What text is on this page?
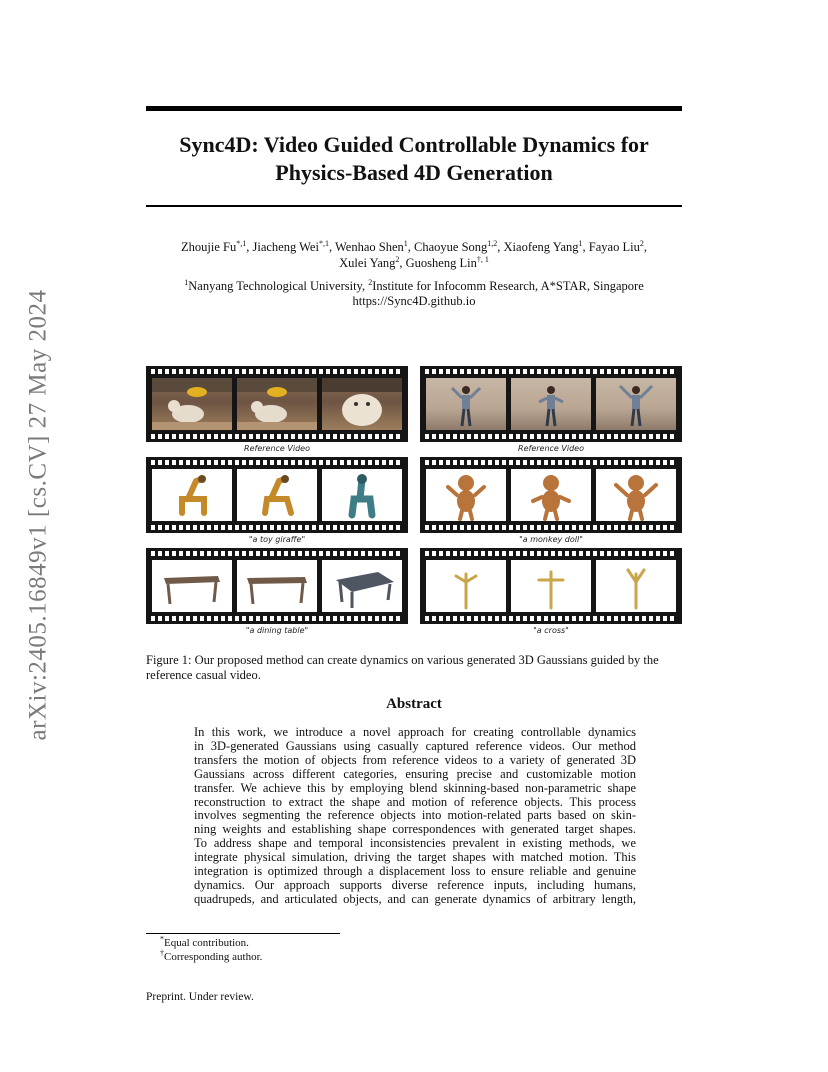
arXiv:2405.16849v1 [cs.CV] 27 May 2024
Sync4D: Video Guided Controllable Dynamics for
Physics-Based 4D Generation
Zhoujie $Fu^{*,1}$, Jiacheng Wei$^{*,1}$, Wenhao Shen$^1$, Chaoyue Song$^{1,2}$, Xiaofeng Yang$^1$, Fayao Liu$^2$,
Xulei Yang$^2$, Guosheng Lin$^{\dagger, 1}$
$^1$Nanyang Technological University, $^2$Institute for Infocomm Research, A*STAR, Singapore
https://Sync4D.github.io
Reference Video
"a toy giraffe"
"a dining table"
Reference Video
"a monkey doll"
"a cross"
Figure 1: Our proposed method can create dynamics on various generated 3D Gaussians guided by the reference casual video.
Abstract
In this work, we introduce a novel approach for creating controllable dynamics
in 3D-generated Gaussians using casually captured reference videos. Our method
transfers the motion of objects from reference videos to a variety of generated 3D
Gaussians across different categories, ensuring precise and customizable motion
transfer. We achieve this by employing blend skinning-based non-parametric shape
reconstruction to extract the shape and motion of reference objects. This process
involves segmenting the reference objects into motion-related parts based on skin-
ning weights and establishing shape correspondences with generated target shapes.
To address shape and temporal inconsistencies prevalent in existing methods, we
integrate physical simulation, driving the target shapes with matched motion. This
integration is optimized through a displacement loss to ensure reliable and genuine
dynamics. Our approach supports diverse reference inputs, including humans,
quadrupeds, and articulated objects, and can generate dynamics of arbitrary length,
*Equal contribution.
†Corresponding author.
Preprint. Under review.
